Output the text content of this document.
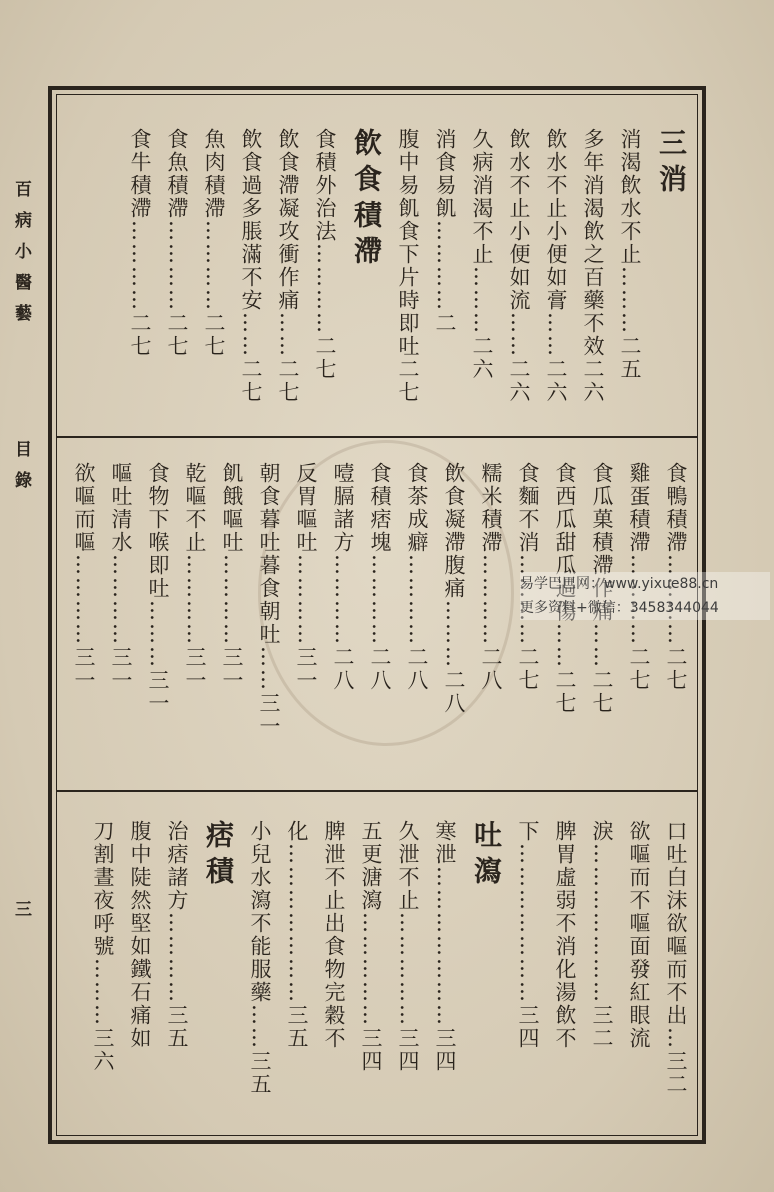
百病小醫藝
目錄
三
三消
消渴飲水不止………二五
多年消渴飲之百藥不效二六
飲水不止小便如膏……二六
飲水不止小便如流……二六
久病消渴不止………二六
消食易飢…………二
腹中易飢食下片時即吐二七
飲食積滯
食積外治法…………二七
飲食滯凝攻衝作痛……二七
飲食過多脹滿不安……二七
魚肉積滯…………二七
食魚積滯…………二七
食牛積滯…………二七
食鴨積滯…………二七
雞蛋積滯…………二七
食瓜菓積滯作痛……二七
食西瓜甜瓜過傷……二七
食麵不消…………二七
糯米積滯…………二八
飲食凝滯腹痛………二八
食茶成癖…………二八
食積痞塊…………二八
噎膈諸方…………二八
反胃嘔吐…………三一
朝食暮吐暮食朝吐……三一
飢餓嘔吐…………三一
乾嘔不止…………三一
食物下喉即吐………三一
嘔吐清水…………三一
欲嘔而嘔…………三一
口吐白沫欲嘔而不出…三二
欲嘔而不嘔面發紅眼流
淚…………………三二
脾胃虛弱不消化湯飲不
下…………………三四
吐瀉
寒泄…………………三四
久泄不止……………三四
五更溏瀉……………三四
脾泄不止出食物完穀不
化…………………三五
小兒水瀉不能服藥……三五
痞積
治痞諸方…………三五
腹中陡然堅如鐵石痛如
刀割晝夜呼號………三六
易学巴巴网：www.yixue88.cn
更多资料+微信：3458344044
